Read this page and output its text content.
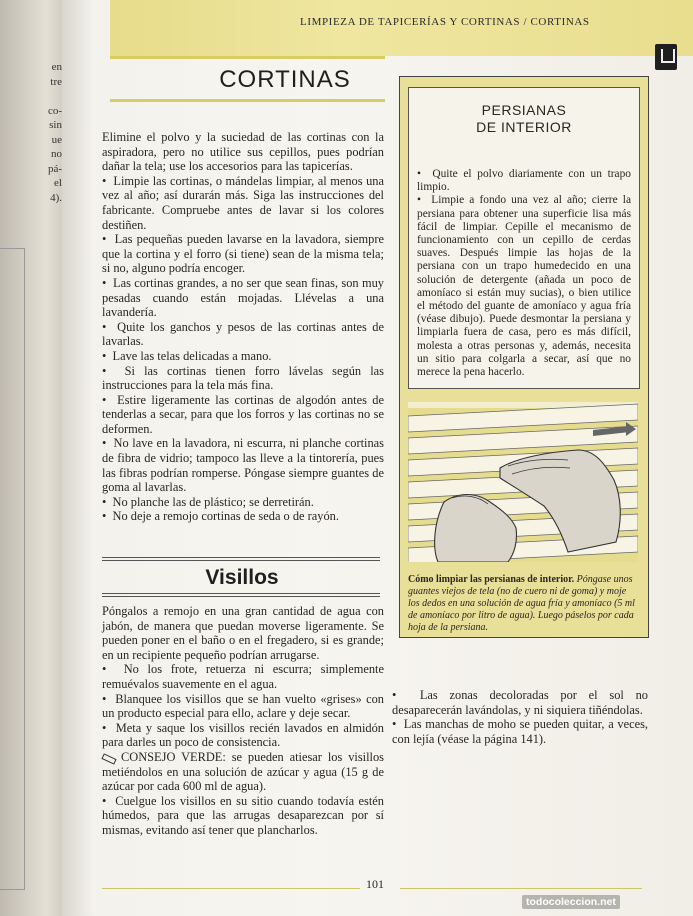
en
tre

co-
sin
ue
no
pá-
el
4).
LIMPIEZA DE TAPICERÍAS Y CORTINAS / CORTINAS
CORTINAS

Elimine el polvo y la suciedad de las cortinas con la aspiradora, pero no utilice sus cepillos, pues podrían dañar la tela; use los accesorios para las tapicerías.

•  Limpie las cortinas, o mándelas limpiar, al menos una vez al año; así durarán más. Siga las instrucciones del fabricante. Compruebe antes de lavar si los colores destiñen.

•  Las pequeñas pueden lavarse en la lavadora, siempre que la cortina y el forro (si tiene) sean de la misma tela; si no, alguno podría encoger.

•  Las cortinas grandes, a no ser que sean finas, son muy pesadas cuando están mojadas. Llévelas a una lavandería.

•  Quite los ganchos y pesos de las cortinas antes de lavarlas.

•  Lave las telas delicadas a mano.

•  Si las cortinas tienen forro lávelas según las instrucciones para la tela más fina.

•  Estire ligeramente las cortinas de algodón antes de tenderlas a secar, para que los forros y las cortinas no se deformen.

•  No lave en la lavadora, ni escurra, ni planche cortinas de fibra de vidrio; tampoco las lleve a la tintorería, pues las fibras podrían romperse. Póngase siempre guantes de goma al lavarlas.

•  No planche las de plástico; se derretirán.

•  No deje a remojo cortinas de seda o de rayón.

Visillos

Póngalos a remojo en una gran cantidad de agua con jabón, de manera que puedan moverse ligeramente. Se pueden poner en el baño o en el fregadero, si es grande; en un recipiente pequeño podrían arrugarse.

•  No los frote, retuerza ni escurra; simplemente remuévalos suavemente en el agua.

•  Blanquee los visillos que se han vuelto «grises» con un producto especial para ello, aclare y deje secar.

•  Meta y saque los visillos recién lavados en almidón para darles un poco de consistencia.

CONSEJO VERDE: se pueden atiesar los visillos metiéndolos en una solución de azúcar y agua (15 g de azúcar por cada 600 ml de agua).

•  Cuelgue los visillos en su sitio cuando todavía estén húmedos, para que las arrugas desaparezcan por sí mismas, evitando así tener que plancharlos.

PERSIANAS
DE INTERIOR

•  Quite el polvo diariamente con un trapo limpio.

•  Limpie a fondo una vez al año; cierre la persiana para obtener una superficie lisa más fácil de limpiar. Cepille el mecanismo de funcionamiento con un cepillo de cerdas suaves. Después limpie las hojas de la persiana con un trapo humedecido en una solución de detergente (añada un poco de amoníaco si están muy sucias), o bien utilice el método del guante de amoníaco y agua fría (véase dibujo). Puede desmontar la persiana y limpiarla fuera de casa, pero es más difícil, molesta a otras personas y, además, necesita un sitio para colgarla a secar, así que no merece la pena hacerlo.

Cómo limpiar las persianas de interior. Póngase unos guantes viejos de tela (no de cuero ni de goma) y moje los dedos en una solución de agua fría y amoníaco (5 ml de amoníaco por litro de agua). Luego páselos por cada hoja de la persiana.

•  Las zonas decoloradas por el sol no desaparecerán lavándolas, y ni siquiera tiñéndolas.

•  Las manchas de moho se pueden quitar, a veces, con lejía (véase la página 141).

101
todocoleccion.net
